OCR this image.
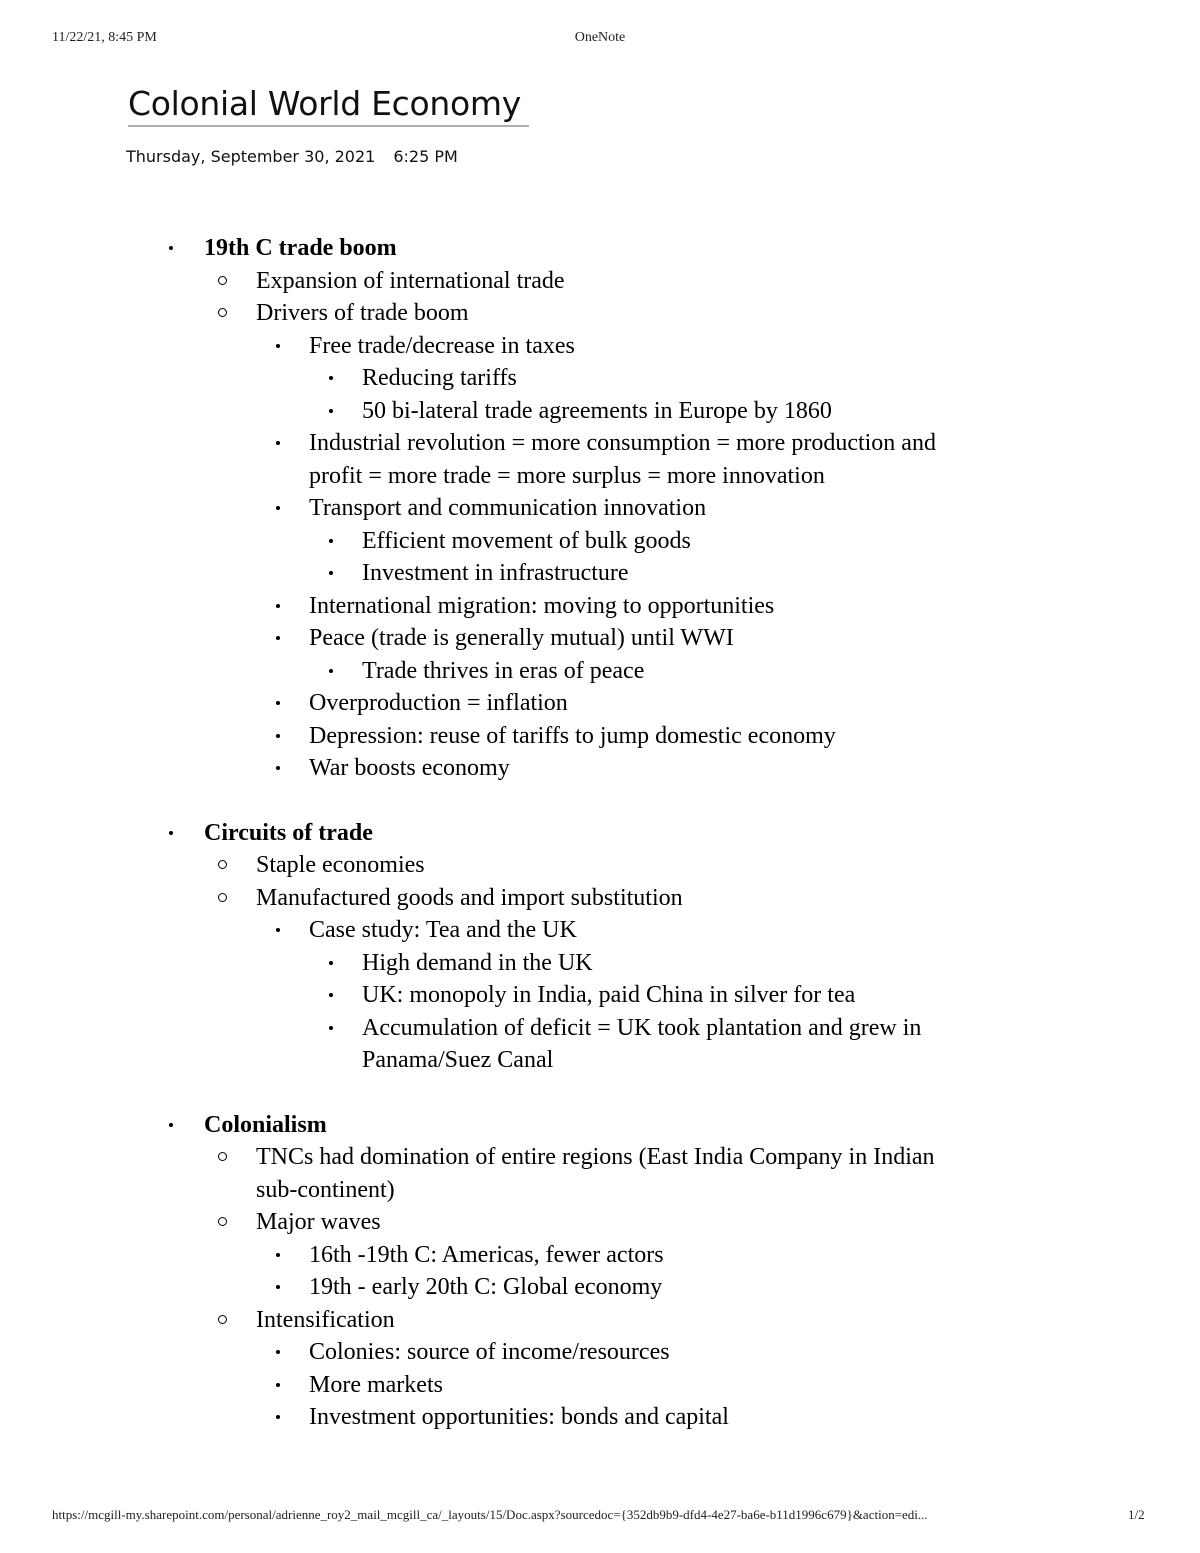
11/22/21, 8:45 PM	OneNote
Colonial World Economy
Thursday, September 30, 2021 6:25 PM
19th C trade boom
Expansion of international trade
Drivers of trade boom
Free trade/decrease in taxes
Reducing tariffs
50 bi-lateral trade agreements in Europe by 1860
Industrial revolution = more consumption = more production and profit = more trade = more surplus = more innovation
Transport and communication innovation
Efficient movement of bulk goods
Investment in infrastructure
International migration: moving to opportunities
Peace (trade is generally mutual) until WWI
Trade thrives in eras of peace
Overproduction = inflation
Depression: reuse of tariffs to jump domestic economy
War boosts economy
Circuits of trade
Staple economies
Manufactured goods and import substitution
Case study: Tea and the UK
High demand in the UK
UK: monopoly in India, paid China in silver for tea
Accumulation of deficit = UK took plantation and grew in Panama/Suez Canal
Colonialism
TNCs had domination of entire regions (East India Company in Indian sub-continent)
Major waves
16th -19th C: Americas, fewer actors
19th - early 20th C: Global economy
Intensification
Colonies: source of income/resources
More markets
Investment opportunities: bonds and capital
https://mcgill-my.sharepoint.com/personal/adrienne_roy2_mail_mcgill_ca/_layouts/15/Doc.aspx?sourcedoc={352db9b9-dfd4-4e27-ba6e-b11d1996c679}&action=edi...	1/2
